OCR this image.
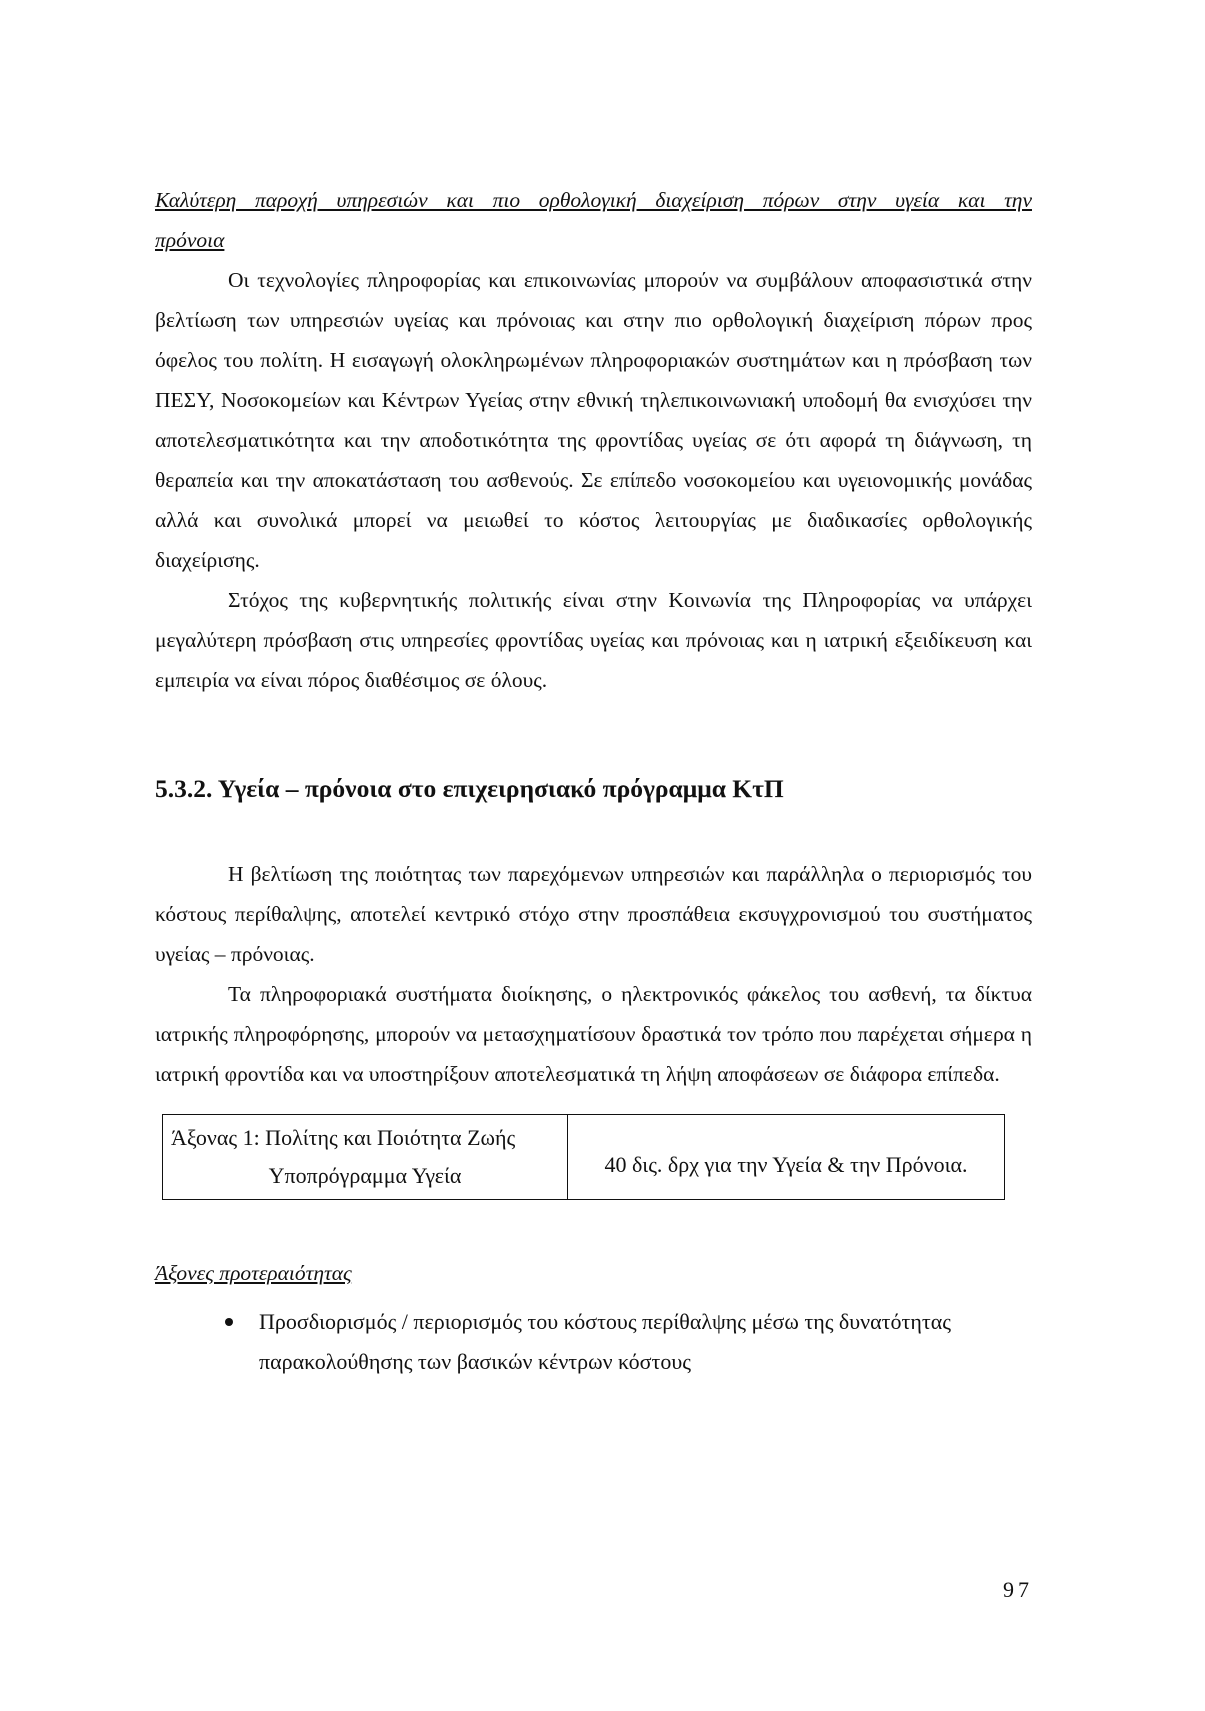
Καλύτερη παροχή υπηρεσιών και πιο ορθολογική διαχείριση πόρων στην υγεία και την

πρόνοια

Οι τεχνολογίες πληροφορίας και επικοινωνίας μπορούν να συμβάλουν αποφασιστικά στην βελτίωση των υπηρεσιών υγείας και πρόνοιας και στην πιο ορθολογική διαχείριση πόρων προς όφελος του πολίτη. Η εισαγωγή ολοκληρωμένων πληροφοριακών συστημάτων και η πρόσβαση των ΠΕΣΥ, Νοσοκομείων και Κέντρων Υγείας στην εθνική τηλεπικοινωνιακή υποδομή θα ενισχύσει την αποτελεσματικότητα και την αποδοτικότητα της φροντίδας υγείας σε ότι αφορά τη διάγνωση, τη θεραπεία και την αποκατάσταση του ασθενούς. Σε επίπεδο νοσοκομείου και υγειονομικής μονάδας αλλά και συνολικά μπορεί να μειωθεί το κόστος λειτουργίας με διαδικασίες ορθολογικής διαχείρισης.

Στόχος της κυβερνητικής πολιτικής είναι στην Κοινωνία της Πληροφορίας να υπάρχει μεγαλύτερη πρόσβαση στις υπηρεσίες φροντίδας υγείας και πρόνοιας και η ιατρική εξειδίκευση και εμπειρία να είναι πόρος διαθέσιμος σε όλους.

5.3.2. Υγεία – πρόνοια στο επιχειρησιακό πρόγραμμα ΚτΠ

Η βελτίωση της ποιότητας των παρεχόμενων υπηρεσιών και παράλληλα ο περιορισμός του κόστους περίθαλψης, αποτελεί κεντρικό στόχο στην προσπάθεια εκσυγχρονισμού του συστήματος υγείας – πρόνοιας.

Τα πληροφοριακά συστήματα διοίκησης, ο ηλεκτρονικός φάκελος του ασθενή, τα δίκτυα ιατρικής πληροφόρησης, μπορούν να μετασχηματίσουν δραστικά τον τρόπο που παρέχεται σήμερα η ιατρική φροντίδα και να υποστηρίξουν αποτελεσματικά τη λήψη αποφάσεων σε διάφορα επίπεδα.

Άξονας 1: Πολίτης και Ποιότητα Ζωής
Υποπρόγραμμα Υγεία	40 δις. δρχ για την Υγεία & την Πρόνοια.
Άξονες προτεραιότητας
Προσδιορισμός / περιορισμός του κόστους περίθαλψης μέσω της δυνατότητας παρακολούθησης των βασικών κέντρων κόστους
97
